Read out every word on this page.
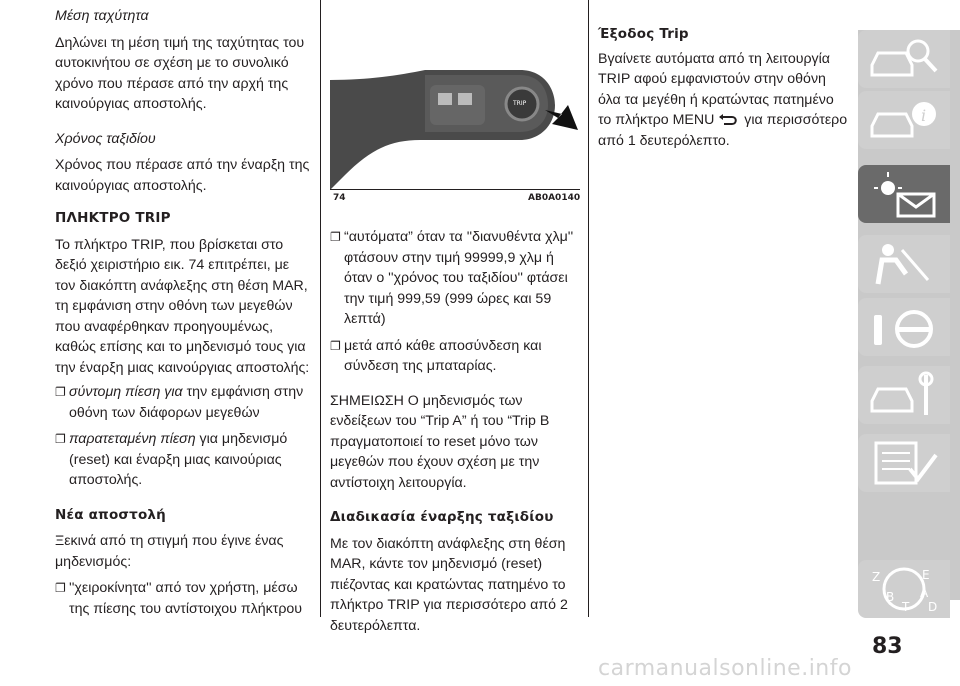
Μέση ταχύτητα

Δηλώνει τη μέση τιμή της ταχύτητας του αυτοκινήτου σε σχέση με το συνολικό χρόνο που πέρασε από την αρχή της καινούργιας αποστολής.

Χρόνος ταξιδίου

Χρόνος που πέρασε από την έναρξη της καινούργιας αποστολής.

ΠΛΗΚΤΡΟ TRIP

Το πλήκτρο TRIP, που βρίσκεται στο δεξιό χειριστήριο εικ. 74 επιτρέπει, με τον διακόπτη ανάφλεξης στη θέση MAR, τη εμφάνιση στην οθόνη των μεγεθών που αναφέρθηκαν προηγουμένως, καθώς επίσης και το μηδενισμό τους για την έναρξη μιας καινούργιας αποστολής:

❐ σύντομη πίεση για την εμφάνιση στην οθόνη των διάφορων μεγεθών
❐ παρατεταμένη πίεση για μηδενισμό (reset) και έναρξη μιας καινούριας αποστολής.

Νέα αποστολή

Ξεκινά από τη στιγμή που έγινε ένας μηδενισμός:

❐ ''χειροκίνητα'' από τον χρήστη, μέσω της πίεσης του αντίστοιχου πλήκτρου
TRIP
74	AB0A0140
❐ “αυτόματα” όταν τα ''διανυθέντα χλμ'' φτάσουν στην τιμή 99999,9 χλμ ή όταν ο ''χρόνος του ταξιδίου'' φτάσει την τιμή 999,59 (999 ώρες και 59 λεπτά)
❐ μετά από κάθε αποσύνδεση και σύνδεση της μπαταρίας.

ΣΗΜΕΙΩΣΗ Ο μηδενισμός των ενδείξεων του “Trip A” ή του “Trip B πραγματοποιεί το reset μόνο των μεγεθών που έχουν σχέση με την αντίστοιχη λειτουργία.

Διαδικασία έναρξης ταξιδίου

Με τον διακόπτη ανάφλεξης στη θέση MAR, κάντε τον μηδενισμό (reset) πιέζοντας και κρατώντας πατημένο το πλήκτρο TRIP για περισσότερο από 2 δευτερόλεπτα.

Έξοδος Trip

Βγαίνετε αυτόματα από τη λειτουργία TRIP αφού εμφανιστούν στην οθόνη όλα τα μεγέθη ή κρατώντας πατημένο το πλήκτρο MENU  για περισσότερο από 1 δευτερόλεπτο.

i
Z	E
B A
D
T
83
carmanualsonline.info
